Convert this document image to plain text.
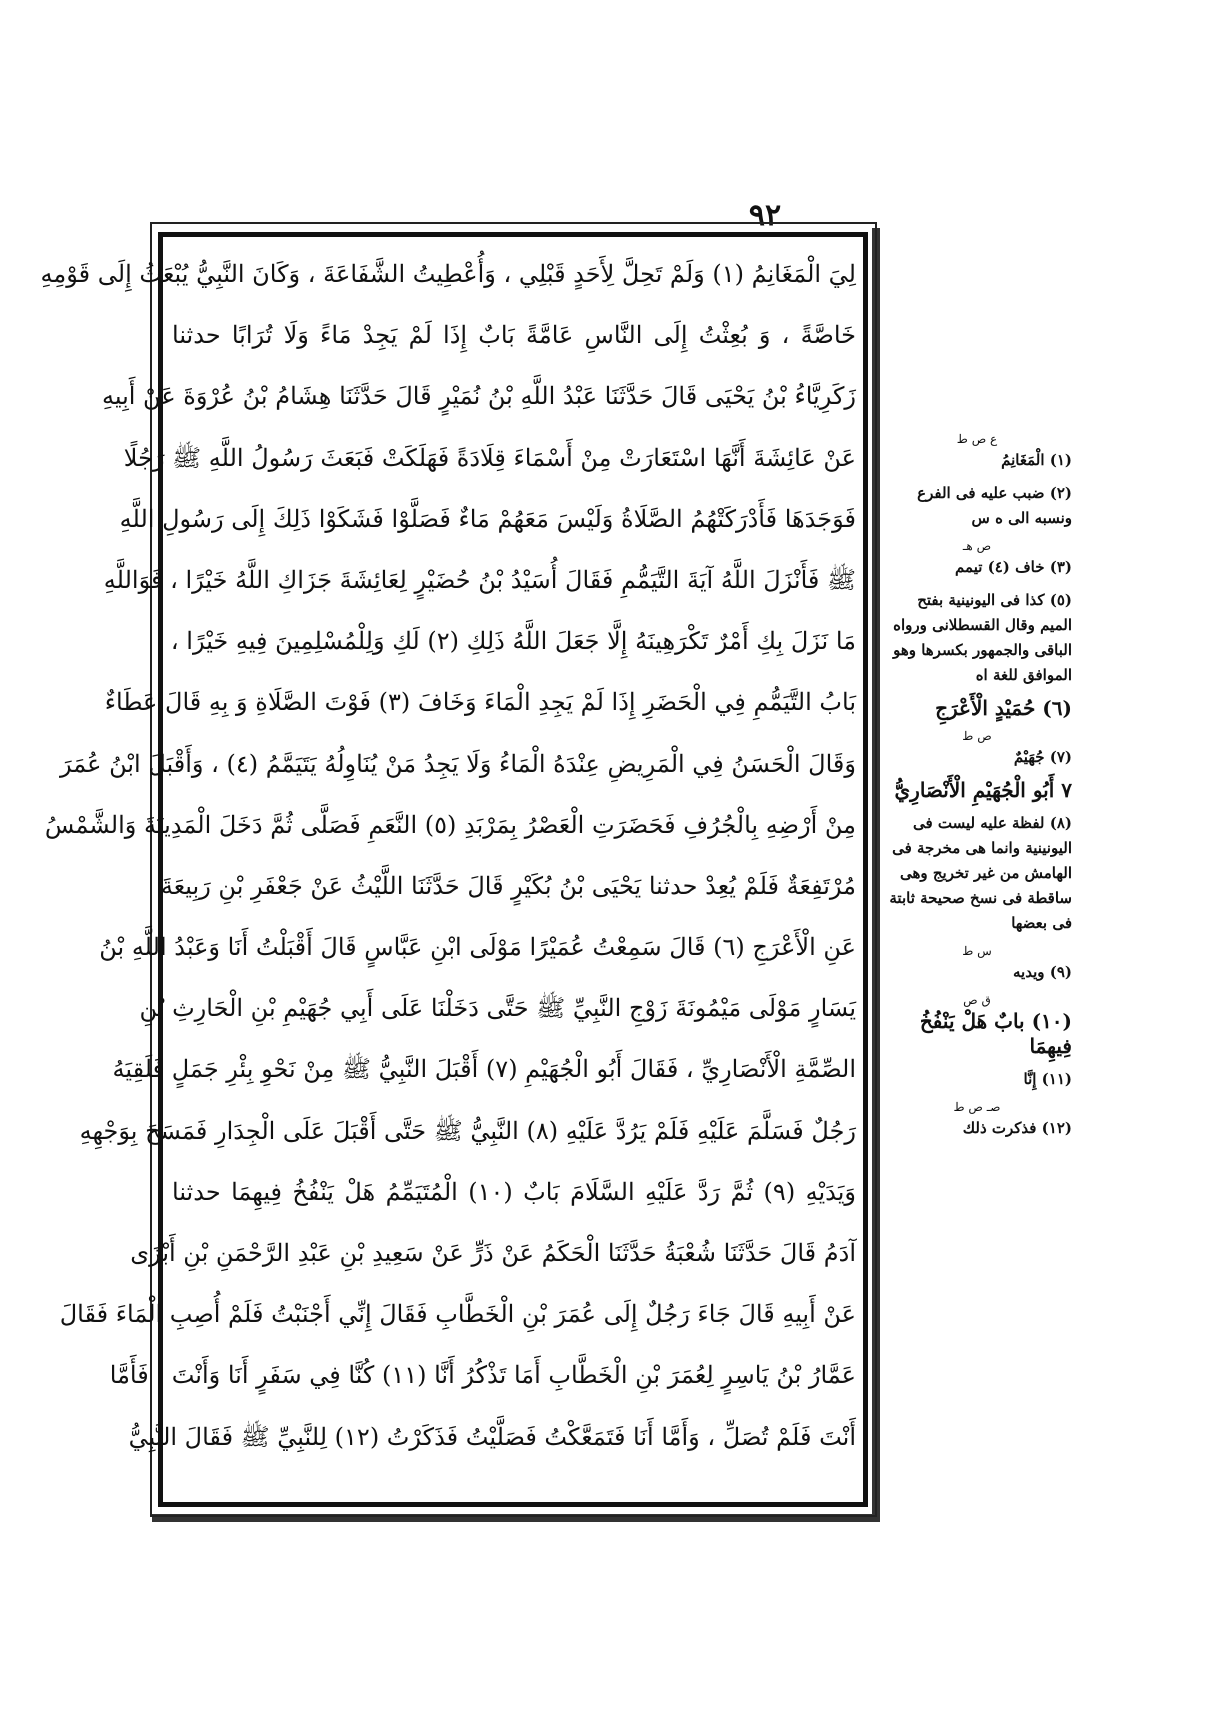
٩٢
لِيَ الْمَغَانِمُ (١) وَلَمْ تَحِلَّ لِأَحَدٍ قَبْلِي ، وَأُعْطِيتُ الشَّفَاعَةَ ، وَكَانَ النَّبِيُّ يُبْعَثُ إِلَى قَوْمِهِ
خَاصَّةً ، وَ بُعِثْتُ إِلَى النَّاسِ عَامَّةً بَابٌ إِذَا لَمْ يَجِدْ مَاءً وَلَا تُرَابًا حدثنا
زَكَرِيَّاءُ بْنُ يَحْيَى قَالَ حَدَّثَنَا عَبْدُ اللَّهِ بْنُ نُمَيْرٍ قَالَ حَدَّثَنَا هِشَامُ بْنُ عُرْوَةَ عَنْ أَبِيهِ
عَنْ عَائِشَةَ أَنَّهَا اسْتَعَارَتْ مِنْ أَسْمَاءَ قِلَادَةً فَهَلَكَتْ فَبَعَثَ رَسُولُ اللَّهِ ﷺ رَجُلًا
فَوَجَدَهَا فَأَدْرَكَتْهُمُ الصَّلَاةُ وَلَيْسَ مَعَهُمْ مَاءٌ فَصَلَّوْا فَشَكَوْا ذَلِكَ إِلَى رَسُولِ اللَّهِ
ﷺ فَأَنْزَلَ اللَّهُ آيَةَ التَّيَمُّمِ فَقَالَ أُسَيْدُ بْنُ حُضَيْرٍ لِعَائِشَةَ جَزَاكِ اللَّهُ خَيْرًا ، فَوَاللَّهِ
مَا نَزَلَ بِكِ أَمْرٌ تَكْرَهِينَهُ إِلَّا جَعَلَ اللَّهُ ذَلِكِ (٢) لَكِ وَلِلْمُسْلِمِينَ فِيهِ خَيْرًا ،
بَابُ التَّيَمُّمِ فِي الْحَضَرِ إِذَا لَمْ يَجِدِ الْمَاءَ وَخَافَ (٣) فَوْتَ الصَّلَاةِ وَ بِهِ قَالَ عَطَاءٌ
وَقَالَ الْحَسَنُ فِي الْمَرِيضِ عِنْدَهُ الْمَاءُ وَلَا يَجِدُ مَنْ يُنَاوِلُهُ يَتَيَمَّمُ (٤) ، وَأَقْبَلَ ابْنُ عُمَرَ
مِنْ أَرْضِهِ بِالْجُرُفِ فَحَضَرَتِ الْعَصْرُ بِمَرْبَدِ (٥) النَّعَمِ فَصَلَّى ثُمَّ دَخَلَ الْمَدِينَةَ وَالشَّمْسُ
مُرْتَفِعَةٌ فَلَمْ يُعِدْ حدثنا يَحْيَى بْنُ بُكَيْرٍ قَالَ حَدَّثَنَا اللَّيْثُ عَنْ جَعْفَرِ بْنِ رَبِيعَةَ
عَنِ الْأَعْرَجِ (٦) قَالَ سَمِعْتُ عُمَيْرًا مَوْلَى ابْنِ عَبَّاسٍ قَالَ أَقْبَلْتُ أَنَا وَعَبْدُ اللَّهِ بْنُ
يَسَارٍ مَوْلَى مَيْمُونَةَ زَوْجِ النَّبِيِّ ﷺ حَتَّى دَخَلْنَا عَلَى أَبِي جُهَيْمِ بْنِ الْحَارِثِ بْنِ
الصِّمَّةِ الْأَنْصَارِيِّ ، فَقَالَ أَبُو الْجُهَيْمِ (٧) أَقْبَلَ النَّبِيُّ ﷺ مِنْ نَحْوِ بِئْرِ جَمَلٍ فَلَقِيَهُ
رَجُلٌ فَسَلَّمَ عَلَيْهِ فَلَمْ يَرُدَّ عَلَيْهِ (٨) النَّبِيُّ ﷺ حَتَّى أَقْبَلَ عَلَى الْجِدَارِ فَمَسَحَ بِوَجْهِهِ
وَيَدَيْهِ (٩) ثُمَّ رَدَّ عَلَيْهِ السَّلَامَ بَابٌ (١٠) الْمُتَيَمِّمُ هَلْ يَنْفُخُ فِيهِمَا حدثنا
آدَمُ قَالَ حَدَّثَنَا شُعْبَةُ حَدَّثَنَا الْحَكَمُ عَنْ ذَرٍّ عَنْ سَعِيدِ بْنِ عَبْدِ الرَّحْمَنِ بْنِ أَبْزَى
عَنْ أَبِيهِ قَالَ جَاءَ رَجُلٌ إِلَى عُمَرَ بْنِ الْخَطَّابِ فَقَالَ إِنِّي أَجْنَبْتُ فَلَمْ أُصِبِ الْمَاءَ فَقَالَ
عَمَّارُ بْنُ يَاسِرٍ لِعُمَرَ بْنِ الْخَطَّابِ أَمَا تَذْكُرُ أَنَّا (١١) كُنَّا فِي سَفَرٍ أَنَا وَأَنْتَ ، فَأَمَّا
أَنْتَ فَلَمْ تُصَلِّ ، وَأَمَّا أَنَا فَتَمَعَّكْتُ فَصَلَّيْتُ فَذَكَرْتُ (١٢) لِلنَّبِيِّ ﷺ فَقَالَ النَّبِيُّ
ع ص ط
(١) الْمَغَانِمُ
(٢) ضبب عليه فى الفرع ونسبه الى ه س
ص هـ
(٣) خاف (٤) تيمم
(٥) كذا فى اليونينية بفتح الميم وقال القسطلانى ورواه الباقى والجمهور بكسرها وهو الموافق للغة اه
(٦) حُمَيْدٍ الْأَعْرَجِ
ص ط
(٧) جُهَيْمٌ
٧ أَبُو الْجُهَيْمِ الْأَنْصَارِيُّ
(٨) لفظة عليه ليست فى اليونينية وانما هى مخرجة فى الهامش من غير تخريج وهى ساقطة فى نسخ صحيحة ثابتة فى بعضها
س ط
(٩) ويديه
ق ص
(١٠) بابٌ هَلْ يَنْفُخُ فِيهِمَا
(١١) إِنَّا
صـ ص ط
(١٢) فذكرت ذلك
